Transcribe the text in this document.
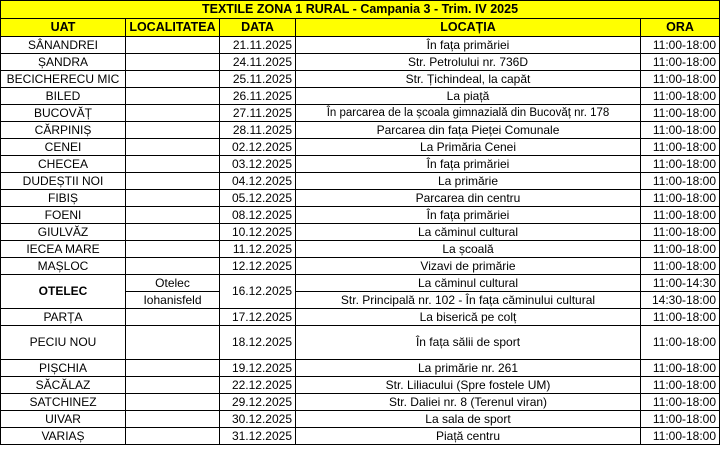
TEXTILE ZONA 1 RURAL - Campania 3 - Trim. IV 2025				
UAT	LOCALITATEA	DATA	LOCAȚIA	ORA
SÂNANDREI		21.11.2025	În fața primăriei	11:00-18:00
ȘANDRA		24.11.2025	Str. Petrolului nr. 736D	11:00-18:00
BECICHERECU MIC		25.11.2025	Str. Țichindeal, la capăt	11:00-18:00
BILED		26.11.2025	La piață	11:00-18:00
BUCOVĂȚ		27.11.2025	În parcarea de la școala gimnazială din Bucovăț nr. 178	11:00-18:00
CĂRPINIȘ		28.11.2025	Parcarea din fața Pieței Comunale	11:00-18:00
CENEI		02.12.2025	La Primăria Cenei	11:00-18:00
CHECEA		03.12.2025	În fața primăriei	11:00-18:00
DUDEȘTII NOI		04.12.2025	La primărie	11:00-18:00
FIBIȘ		05.12.2025	Parcarea din centru	11:00-18:00
FOENI		08.12.2025	În fața primăriei	11:00-18:00
GIULVĂZ		10.12.2025	La căminul cultural	11:00-18:00
IECEA MARE		11.12.2025	La școală	11:00-18:00
MAȘLOC		12.12.2025	Vizavi de primărie	11:00-18:00
OTELEC	Otelec	16.12.2025	La căminul cultural	11:00-14:30
	Iohanisfeld		Str. Principală nr. 102 - În fața căminului cultural	14:30-18:00
PARȚA		17.12.2025	La biserică pe colț	11:00-18:00
PECIU NOU		18.12.2025	În fața sălii de sport	11:00-18:00
PIȘCHIA		19.12.2025	La primărie nr. 261	11:00-18:00
SĂCĂLAZ		22.12.2025	Str. Liliacului (Spre fostele UM)	11:00-18:00
SATCHINEZ		29.12.2025	Str. Daliei nr. 8 (Terenul viran)	11:00-18:00
UIVAR		30.12.2025	La sala de sport	11:00-18:00
VARIAȘ		31.12.2025	Piață centru	11:00-18:00
